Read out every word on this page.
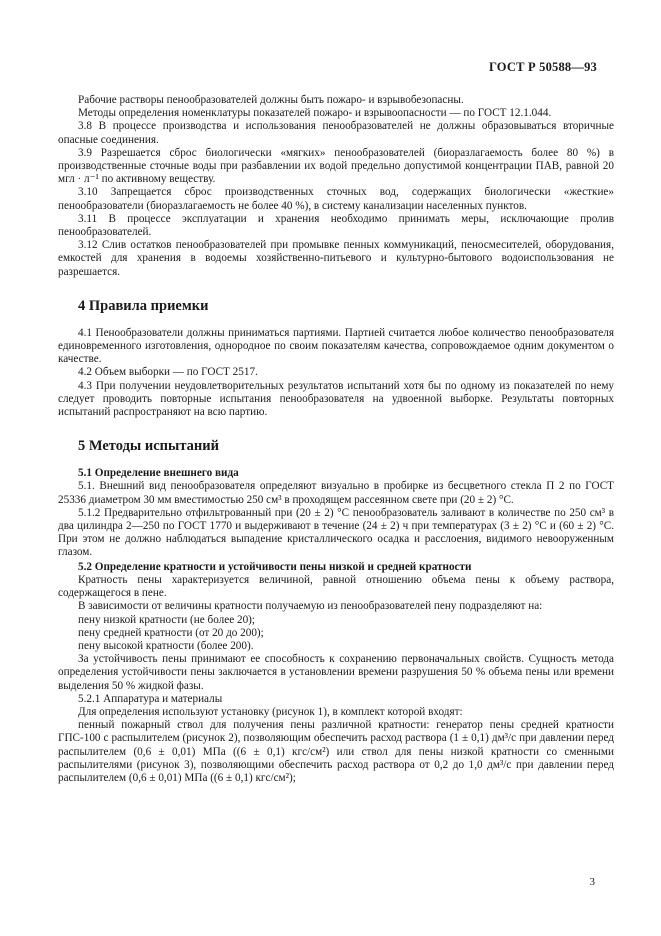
ГОСТ Р 50588—93

Рабочие растворы пенообразователей должны быть пожаро- и взрывобезопасны.

Методы определения номенклатуры показателей пожаро- и взрывоопасности — по ГОСТ 12.1.044.

3.8 В процессе производства и использования пенообразователей не должны образовываться вторичные опасные соединения.

3.9 Разрешается сброс биологически «мягких» пенообразователей (биоразлагаемость более 80 %) в производственные сточные воды при разбавлении их водой предельно допустимой концентрации ПАВ, равной 20 мгл · л⁻¹ по активному веществу.

3.10 Запрещается сброс производственных сточных вод, содержащих биологически «жесткие» пенообразователи (биоразлагаемость не более 40 %), в систему канализации населенных пунктов.

3.11 В процессе эксплуатации и хранения необходимо принимать меры, исключающие пролив пенообразователей.

3.12 Слив остатков пенообразователей при промывке пенных коммуникаций, пеносмесителей, оборудования, емкостей для хранения в водоемы хозяйственно-питьевого и культурно-бытового водоиспользования не разрешается.

4 Правила приемки

4.1 Пенообразователи должны приниматься партиями. Партией считается любое количество пенообразователя единовременного изготовления, однородное по своим показателям качества, сопровождаемое одним документом о качестве.

4.2 Объем выборки — по ГОСТ 2517.

4.3 При получении неудовлетворительных результатов испытаний хотя бы по одному из показателей по нему следует проводить повторные испытания пенообразователя на удвоенной выборке. Результаты повторных испытаний распространяют на всю партию.

5 Методы испытаний
5.1 Определение внешнего вида

5.1. Внешний вид пенообразователя определяют визуально в пробирке из бесцветного стекла П 2 по ГОСТ 25336 диаметром 30 мм вместимостью 250 см³ в проходящем рассеянном свете при (20 ± 2) °С.

5.1.2 Предварительно отфильтрованный при (20 ± 2) °С пенообразователь заливают в количестве по 250 см³ в два цилиндра 2—250 по ГОСТ 1770 и выдерживают в течение (24 ± 2) ч при температурах (3 ± 2) °С и (60 ± 2) °С. При этом не должно наблюдаться выпадение кристаллического осадка и расслоения, видимого невооруженным глазом.

5.2 Определение кратности и устойчивости пены низкой и средней кратности

Кратность пены характеризуется величиной, равной отношению объема пены к объему раствора, содержащегося в пене.

В зависимости от величины кратности получаемую из пенообразователей пену подразделяют на:

пену низкой кратности (не более 20);

пену средней кратности (от 20 до 200);

пену высокой кратности (более 200).

За устойчивость пены принимают ее способность к сохранению первоначальных свойств. Сущность метода определения устойчивости пены заключается в установлении времени разрушения 50 % объема пены или времени выделения 50 % жидкой фазы.

5.2.1 Аппаратура и материалы

Для определения используют установку (рисунок 1), в комплект которой входят:

пенный пожарный ствол для получения пены различной кратности: генератор пены средней кратности ГПС-100 с распылителем (рисунок 2), позволяющим обеспечить расход раствора (1 ± 0,1) дм³/с при давлении перед распылителем (0,6 ± 0,01) МПа ((6 ± 0,1) кгс/см²) или ствол для пены низкой кратности со сменными распылителями (рисунок 3), позволяющими обеспечить расход раствора от 0,2 до 1,0 дм³/с при давлении перед распылителем (0,6 ± 0,01) МПа ((6 ± 0,1) кгс/см²);

3
